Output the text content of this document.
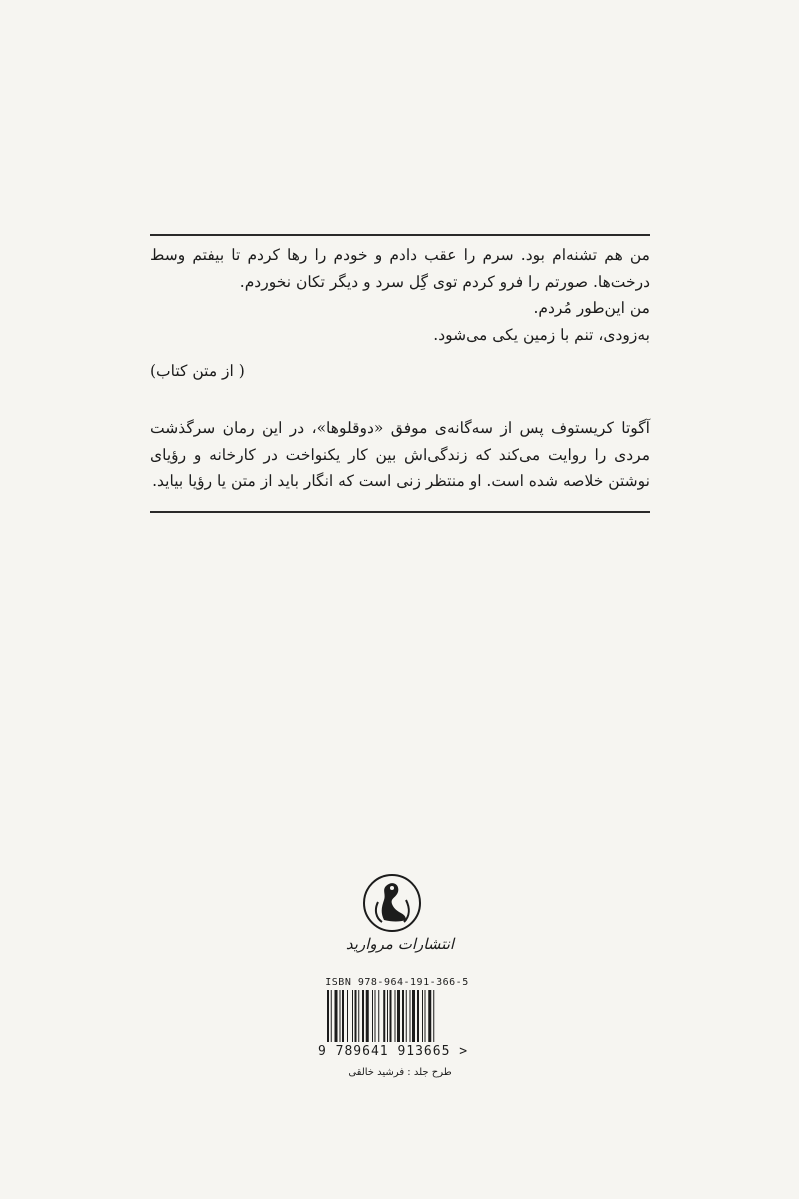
من هم تشنه‌ام بود. سرم را عقب دادم و خودم را رها کردم تا بیفتم وسط درخت‌ها. صورتم را فرو کردم توی گِل سرد و دیگر تکان نخوردم.

من این‌طور مُردم.

به‌زودی، تنم با زمین یکی می‌شود.

( از متن کتاب)

آگوتا کریستوف پس از سه‌گانه‌ی موفق «دوقلوها»، در این رمان سرگذشت مردی را روایت می‌کند که زندگی‌اش بین کار یکنواخت در کارخانه و رؤیای نوشتن خلاصه شده است. او منتظر زنی است که انگار باید از متن یا رؤیا بیاید.

انتشارات مروارید
ISBN 978-964-191-366-5
9 789641 913665 >
طرح جلد : فرشید خالقی
